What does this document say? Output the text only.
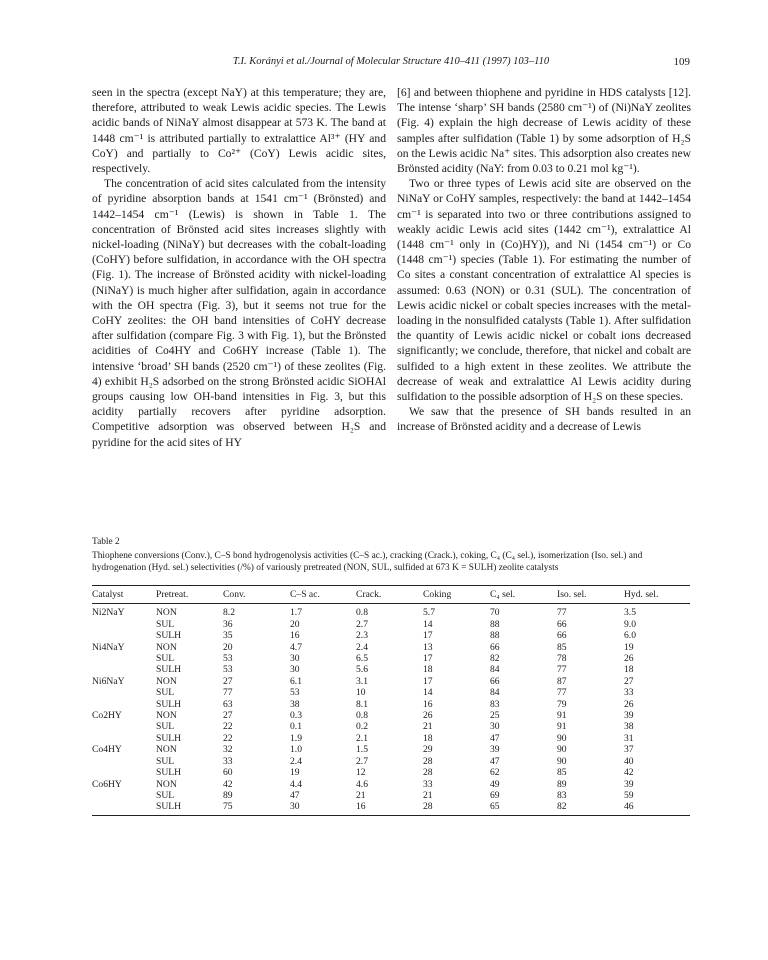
T.I. Korányi et al./Journal of Molecular Structure 410–411 (1997) 103–110	109

seen in the spectra (except NaY) at this temperature; they are, therefore, attributed to weak Lewis acidic species. The Lewis acidic bands of NiNaY almost disappear at 573 K. The band at 1448 cm⁻¹ is attributed partially to extralattice Al³⁺ (HY and CoY) and partially to Co²⁺ (CoY) Lewis acidic sites, respectively.

The concentration of acid sites calculated from the intensity of pyridine absorption bands at 1541 cm⁻¹ (Brönsted) and 1442–1454 cm⁻¹ (Lewis) is shown in Table 1. The concentration of Brönsted acid sites increases slightly with nickel-loading (NiNaY) but decreases with the cobalt-loading (CoHY) before sulfidation, in accordance with the OH spectra (Fig. 1). The increase of Brönsted acidity with nickel-loading (NiNaY) is much higher after sulfidation, again in accordance with the OH spectra (Fig. 3), but it seems not true for the CoHY zeolites: the OH band intensities of CoHY decrease after sulfidation (compare Fig. 3 with Fig. 1), but the Brönsted acidities of Co4HY and Co6HY increase (Table 1). The intensive ‘broad’ SH bands (2520 cm⁻¹) of these zeolites (Fig. 4) exhibit H₂S adsorbed on the strong Brönsted acidic SiOHAl groups causing low OH-band intensities in Fig. 3, but this acidity partially recovers after pyridine adsorption. Competitive adsorption was observed between H₂S and pyridine for the acid sites of HY

[6] and between thiophene and pyridine in HDS catalysts [12]. The intense ‘sharp’ SH bands (2580 cm⁻¹) of (Ni)NaY zeolites (Fig. 4) explain the high decrease of Lewis acidity of these samples after sulfidation (Table 1) by some adsorption of H₂S on the Lewis acidic Na⁺ sites. This adsorption also creates new Brönsted acidity (NaY: from 0.03 to 0.21 mol kg⁻¹).

Two or three types of Lewis acid site are observed on the NiNaY or CoHY samples, respectively: the band at 1442–1454 cm⁻¹ is separated into two or three contributions assigned to weakly acidic Lewis acid sites (1442 cm⁻¹), extralattice Al (1448 cm⁻¹ only in (Co)HY)), and Ni (1454 cm⁻¹) or Co (1448 cm⁻¹) species (Table 1). For estimating the number of Co sites a constant concentration of extralattice Al species is assumed: 0.63 (NON) or 0.31 (SUL). The concentration of Lewis acidic nickel or cobalt species increases with the metal-loading in the nonsulfided catalysts (Table 1). After sulfidation the quantity of Lewis acidic nickel or cobalt ions decreased significantly; we conclude, therefore, that nickel and cobalt are sulfided to a high extent in these zeolites. We attribute the decrease of weak and extralattice Al Lewis acidity during sulfidation to the possible adsorption of H₂S on these species.

We saw that the presence of SH bands resulted in an increase of Brönsted acidity and a decrease of Lewis

Table 2
Thiophene conversions (Conv.), C–S bond hydrogenolysis activities (C–S ac.), cracking (Crack.), coking, C₄ (C₄ sel.), isomerization (Iso. sel.) and hydrogenation (Hyd. sel.) selectivities (/%) of variously pretreated (NON, SUL, sulfided at 673 K = SULH) zeolite catalysts
Catalyst	Pretreat.	Conv.	C–S ac.	Crack.	Coking	C₄ sel.	Iso. sel.	Hyd. sel.
Ni2NaY	NON	8.2	1.7	0.8	5.7	70	77	3.5
	SUL	36	20	2.7	14	88	66	9.0
	SULH	35	16	2.3	17	88	66	6.0
Ni4NaY	NON	20	4.7	2.4	13	66	85	19
	SUL	53	30	6.5	17	82	78	26
	SULH	53	30	5.6	18	84	77	18
Ni6NaY	NON	27	6.1	3.1	17	66	87	27
	SUL	77	53	10	14	84	77	33
	SULH	63	38	8.1	16	83	79	26
Co2HY	NON	27	0.3	0.8	26	25	91	39
	SUL	22	0.1	0.2	21	30	91	38
	SULH	22	1.9	2.1	18	47	90	31
Co4HY	NON	32	1.0	1.5	29	39	90	37
	SUL	33	2.4	2.7	28	47	90	40
	SULH	60	19	12	28	62	85	42
Co6HY	NON	42	4.4	4.6	33	49	89	39
	SUL	89	47	21	21	69	83	59
	SULH	75	30	16	28	65	82	46
